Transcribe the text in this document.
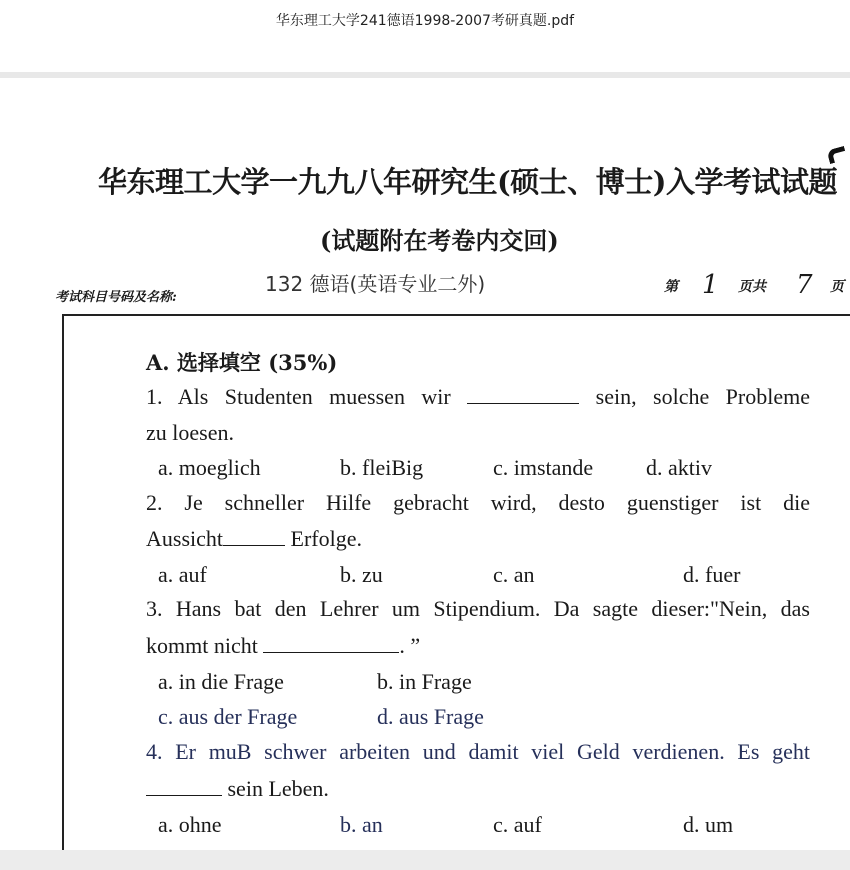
华东理工大学241德语1998-2007考研真题.pdf
华东理工大学一九九八年研究生(硕士、博士)入学考试试题
(试题附在考卷内交回)
考试科目号码及名称:
132 德语(英语专业二外)	第 1 页共 7 页
A. 选择填空 (35%)
1. Als Studenten muessen wir	sein, solche Probleme
zu loesen.
a. moeglich	b. fleiBig	c. imstande d. aktiv
2. Je schneller Hilfe gebracht wird, desto guenstiger ist die
Aussicht	Erfolge.
a. auf	b. zu	c. an	d. fuer
3. Hans bat den Lehrer um Stipendium. Da sagte dieser:"Nein, das
kommt nicht	. ”
a. in die Frage	b. in Frage
c. aus der Frage	d. aus Frage
4. Er muB schwer arbeiten und damit viel Geld verdienen. Es geht
sein Leben.
a. ohne	b. an	c. auf	d. um
